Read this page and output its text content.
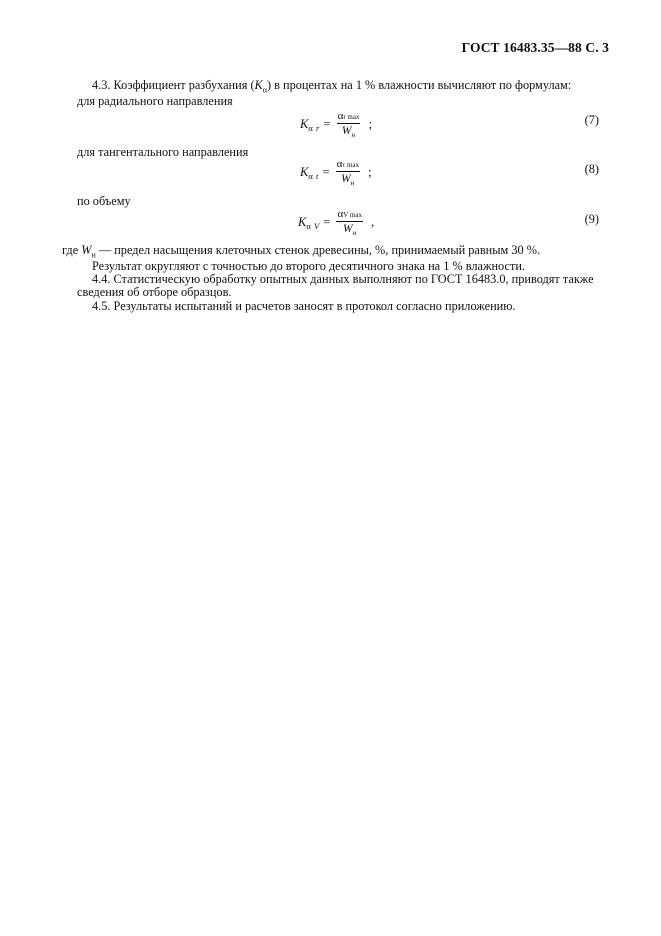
ГОСТ 16483.35—88 С. 3
4.3. Коэффициент разбухания $(K_\alpha)$ в процентах на 1 % влажности вычисляют по формулам:
для радиального направления
$K_\alpha$ $_r = \frac{\text{αr max}}{W_н}$ ;	(7)
для тангентального направления
$K_\alpha$ $_t = \frac{\text{ατ max}}{W_н}$ ;	(8)
по объему
$K_\alpha$ $_V = \frac{\text{αV max}}{W_н}$ ,	(9)
где $W_н$ — предел насыщения клеточных стенок древесины, %, принимаемый равным 30 %.
Результат округляют с точностью до второго десятичного знака на 1 % влажности.
4.4. Статистическую обработку опытных данных выполняют по ГОСТ 16483.0, приводят также
сведения об отборе образцов.
4.5. Результаты испытаний и расчетов заносят в протокол согласно приложению.
